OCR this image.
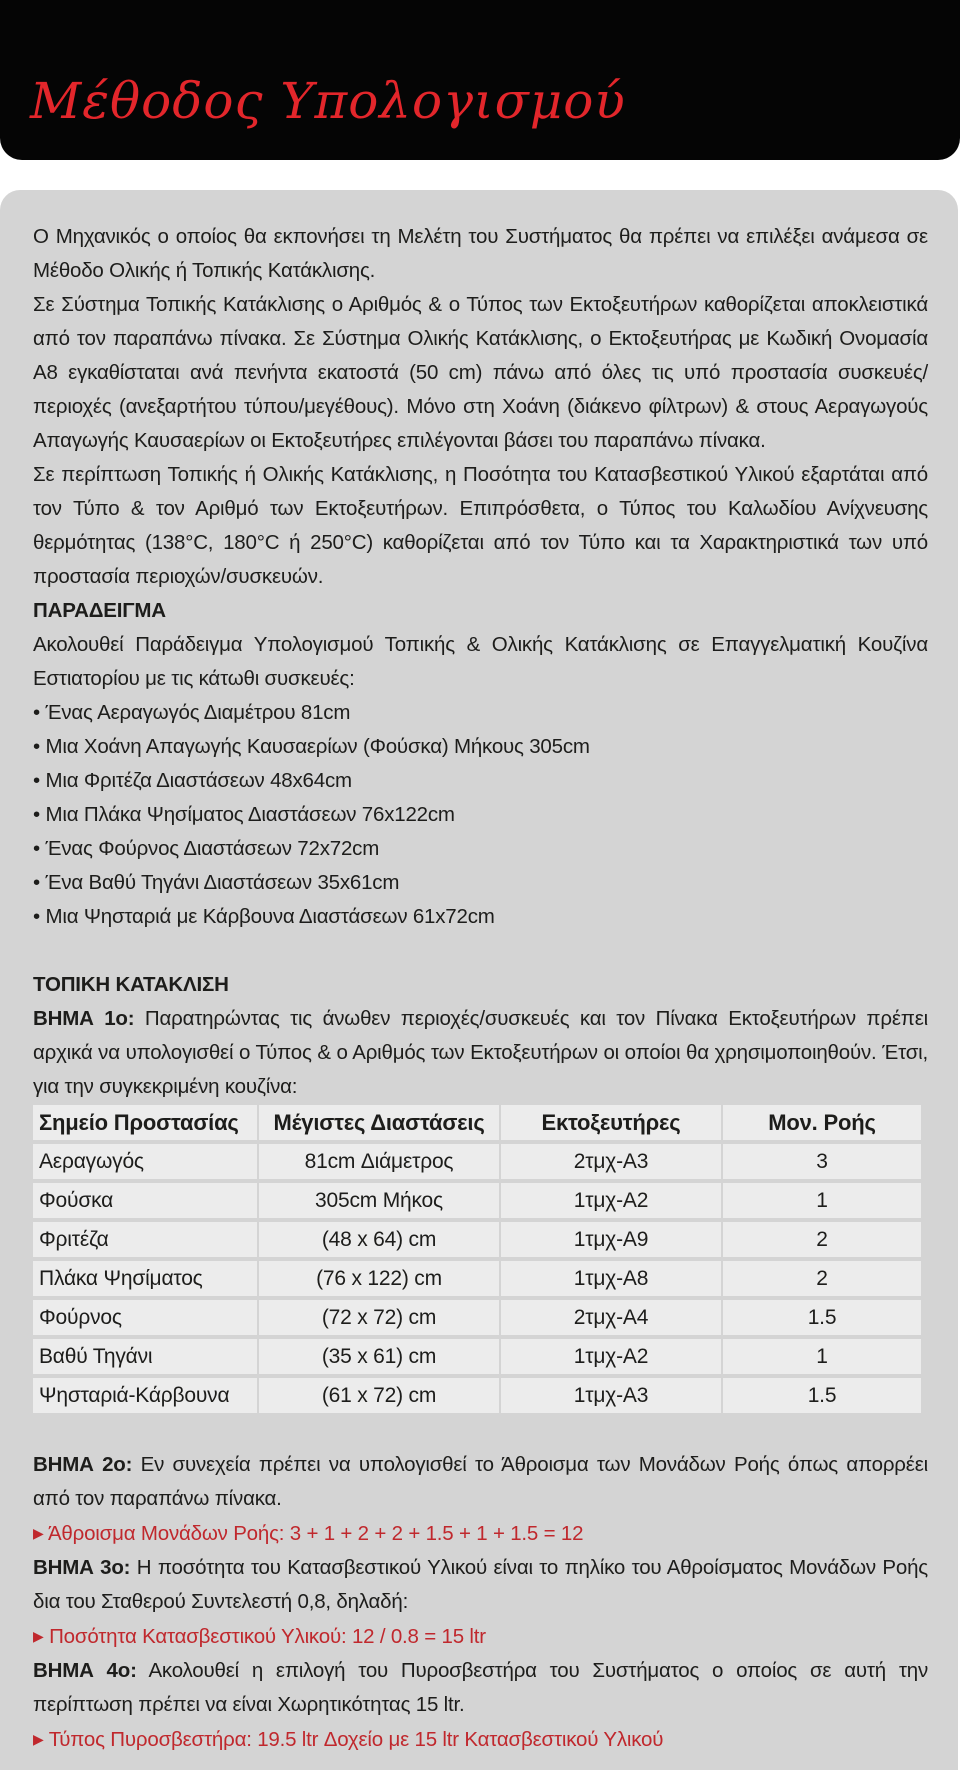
Μέθοδος Υπολογισμού

Ο Μηχανικός ο οποίος θα εκπονήσει τη Μελέτη του Συστήματος θα πρέπει να επιλέξει ανάμεσα σε Μέθοδο Ολικής ή Τοπικής Κατάκλισης.

Σε Σύστημα Τοπικής Κατάκλισης ο Αριθμός & ο Τύπος των Εκτοξευτήρων καθορίζεται αποκλειστικά από τον παραπάνω πίνακα. Σε Σύστημα Ολικής Κατάκλισης, ο Εκτοξευτήρας με Κωδική Ονομασία Α8 εγκαθίσταται ανά πενήντα εκατοστά (50 cm) πάνω από όλες τις υπό προστασία συσκευές/περιοχές (ανεξαρτήτου τύπου/μεγέθους). Μόνο στη Χοάνη (διάκενο φίλτρων) & στους Αεραγωγούς Απαγωγής Καυσαερίων οι Εκτοξευτήρες επιλέγονται βάσει του παραπάνω πίνακα.

Σε περίπτωση Τοπικής ή Ολικής Κατάκλισης, η Ποσότητα του Κατασβεστικού Υλικού εξαρτάται από τον Τύπο & τον Αριθμό των Εκτοξευτήρων. Επιπρόσθετα, ο Τύπος του Καλωδίου Ανίχνευσης θερμότητας (138°C, 180°C ή 250°C) καθορίζεται από τον Τύπο και τα Χαρακτηριστικά των υπό προστασία περιοχών/συσκευών.

ΠΑΡΑΔΕΙΓΜΑ

Ακολουθεί Παράδειγμα Υπολογισμού Τοπικής & Ολικής Κατάκλισης σε Επαγγελματική Κουζίνα Εστιατορίου με τις κάτωθι συσκευές:

• Ένας Αεραγωγός Διαμέτρου 81cm
• Μια Χοάνη Απαγωγής Καυσαερίων (Φούσκα) Μήκους 305cm
• Μια Φριτέζα Διαστάσεων 48x64cm
• Μια Πλάκα Ψησίματος Διαστάσεων 76x122cm
• Ένας Φούρνος Διαστάσεων 72x72cm
• Ένα Βαθύ Τηγάνι Διαστάσεων 35x61cm
• Μια Ψησταριά με Κάρβουνα Διαστάσεων 61x72cm

ΤΟΠΙΚΗ ΚΑΤΑΚΛΙΣΗ

ΒΗΜΑ 1ο: Παρατηρώντας τις άνωθεν περιοχές/συσκευές και τον Πίνακα Εκτοξευτήρων πρέπει αρχικά να υπολογισθεί ο Τύπος & ο Αριθμός των Εκτοξευτήρων οι οποίοι θα χρησιμοποιηθούν. Έτσι, για την συγκεκριμένη κουζίνα:

Σημείο Προστασίας	Μέγιστες Διαστάσεις	Εκτοξευτήρες	Μον. Ροής
Αεραγωγός	81cm Διάμετρος	2τμχ-Α3	3
Φούσκα	305cm Μήκος	1τμχ-Α2	1
Φριτέζα	(48 x 64) cm	1τμχ-Α9	2
Πλάκα Ψησίματος	(76 x 122) cm	1τμχ-Α8	2
Φούρνος	(72 x 72) cm	2τμχ-Α4	1.5
Βαθύ Τηγάνι	(35 x 61) cm	1τμχ-Α2	1
Ψησταριά-Κάρβουνα	(61 x 72) cm	1τμχ-Α3	1.5

ΒΗΜΑ 2ο: Εν συνεχεία πρέπει να υπολογισθεί το Άθροισμα των Μονάδων Ροής όπως απορρέει από τον παραπάνω πίνακα.

▶ Άθροισμα Μονάδων Ροής: 3 + 1 + 2 + 2 + 1.5 + 1 + 1.5 = 12

ΒΗΜΑ 3ο: Η ποσότητα του Κατασβεστικού Υλικού είναι το πηλίκο του Αθροίσματος Μονάδων Ροής δια του Σταθερού Συντελεστή 0,8, δηλαδή:

▶ Ποσότητα Κατασβεστικού Υλικού: 12 / 0.8 = 15 ltr

ΒΗΜΑ 4ο: Ακολουθεί η επιλογή του Πυροσβεστήρα του Συστήματος ο οποίος σε αυτή την περίπτωση πρέπει να είναι Χωρητικότητας 15 ltr.

▶ Τύπος Πυροσβεστήρα: 19.5 ltr Δοχείο με 15 ltr Κατασβεστικού Υλικού
